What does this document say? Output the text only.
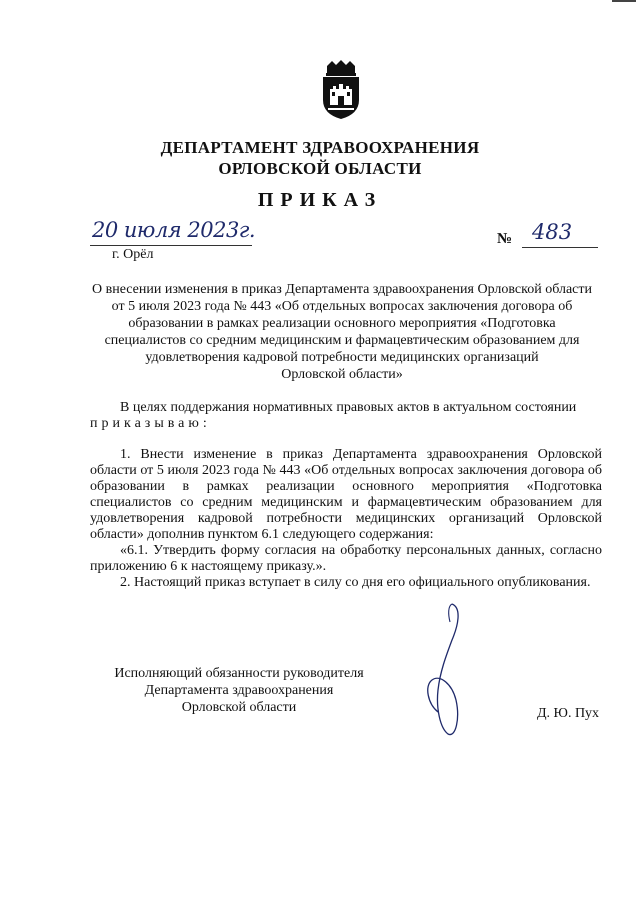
ДЕПАРТАМЕНТ ЗДРАВООХРАНЕНИЯ
ОРЛОВСКОЙ ОБЛАСТИ
ПРИКАЗ
20 июля 2023г.
г. Орёл
№ 483
О внесении изменения в приказ Департамента здравоохранения Орловской области
от 5 июля 2023 года № 443 «Об отдельных вопросах заключения договора об
образовании в рамках реализации основного мероприятия «Подготовка
специалистов со средним медицинским и фармацевтическим образованием для
удовлетворения кадровой потребности медицинских организаций
Орловской области»
В целях поддержания нормативных правовых актов в актуальном состоянии
приказываю:

1. Внести изменение в приказ Департамента здравоохранения Орловской области от 5 июля 2023 года № 443 «Об отдельных вопросах заключения договора об образовании в рамках реализации основного мероприятия «Подготовка специалистов со средним медицинским и фармацевтическим образованием для удовлетворения кадровой потребности медицинских организаций Орловской области» дополнив пунктом 6.1 следующего содержания:

«6.1. Утвердить форму согласия на обработку персональных данных, согласно приложению 6 к настоящему приказу.».

2. Настоящий приказ вступает в силу со дня его официального опубликования.

Исполняющий обязанности руководителя
Департамента здравоохранения
Орловской области	Д. Ю. Пух
